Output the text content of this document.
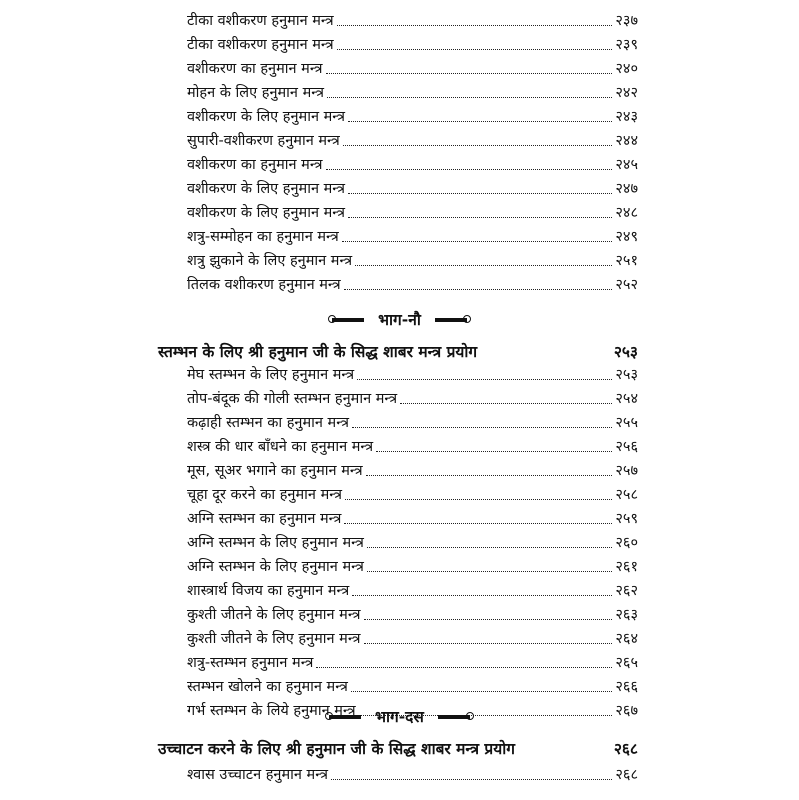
टीका वशीकरण हनुमान मन्त्र	२३७
टीका वशीकरण हनुमान मन्त्र	२३९
वशीकरण का हनुमान मन्त्र	२४०
मोहन के लिए हनुमान मन्त्र	२४२
वशीकरण के लिए हनुमान मन्त्र	२४३
सुपारी-वशीकरण हनुमान मन्त्र	२४४
वशीकरण का हनुमान मन्त्र	२४५
वशीकरण के लिए हनुमान मन्त्र	२४७
वशीकरण के लिए हनुमान मन्त्र	२४८
शत्रु-सम्मोहन का हनुमान मन्त्र	२४९
शत्रु झुकाने के लिए हनुमान मन्त्र	२५१
तिलक वशीकरण हनुमान मन्त्र	२५२
भाग-नौ
स्तम्भन के लिए श्री हनुमान जी के सिद्ध शाबर मन्त्र प्रयोग	२५३
मेघ स्तम्भन के लिए हनुमान मन्त्र	२५३
तोप-बंदूक की गोली स्तम्भन हनुमान मन्त्र	२५४
कढ़ाही स्तम्भन का हनुमान मन्त्र	२५५
शस्त्र की धार बाँधने का हनुमान मन्त्र	२५६
मूस, सूअर भगाने का हनुमान मन्त्र	२५७
चूहा दूर करने का हनुमान मन्त्र	२५८
अग्नि स्तम्भन का हनुमान मन्त्र	२५९
अग्नि स्तम्भन के लिए हनुमान मन्त्र	२६०
अग्नि स्तम्भन के लिए हनुमान मन्त्र	२६१
शास्त्रार्थ विजय का हनुमान मन्त्र	२६२
कुश्ती जीतने के लिए हनुमान मन्त्र	२६३
कुश्ती जीतने के लिए हनुमान मन्त्र	२६४
शत्रु-स्तम्भन हनुमान मन्त्र	२६५
स्तम्भन खोलने का हनुमान मन्त्र	२६६
गर्भ स्तम्भन के लिये हनुमान मन्त्र	२६७
भाग-दस
उच्चाटन करने के लिए श्री हनुमान जी के सिद्ध शाबर मन्त्र प्रयोग	२६८
श्वास उच्चाटन हनुमान मन्त्र	२६८
